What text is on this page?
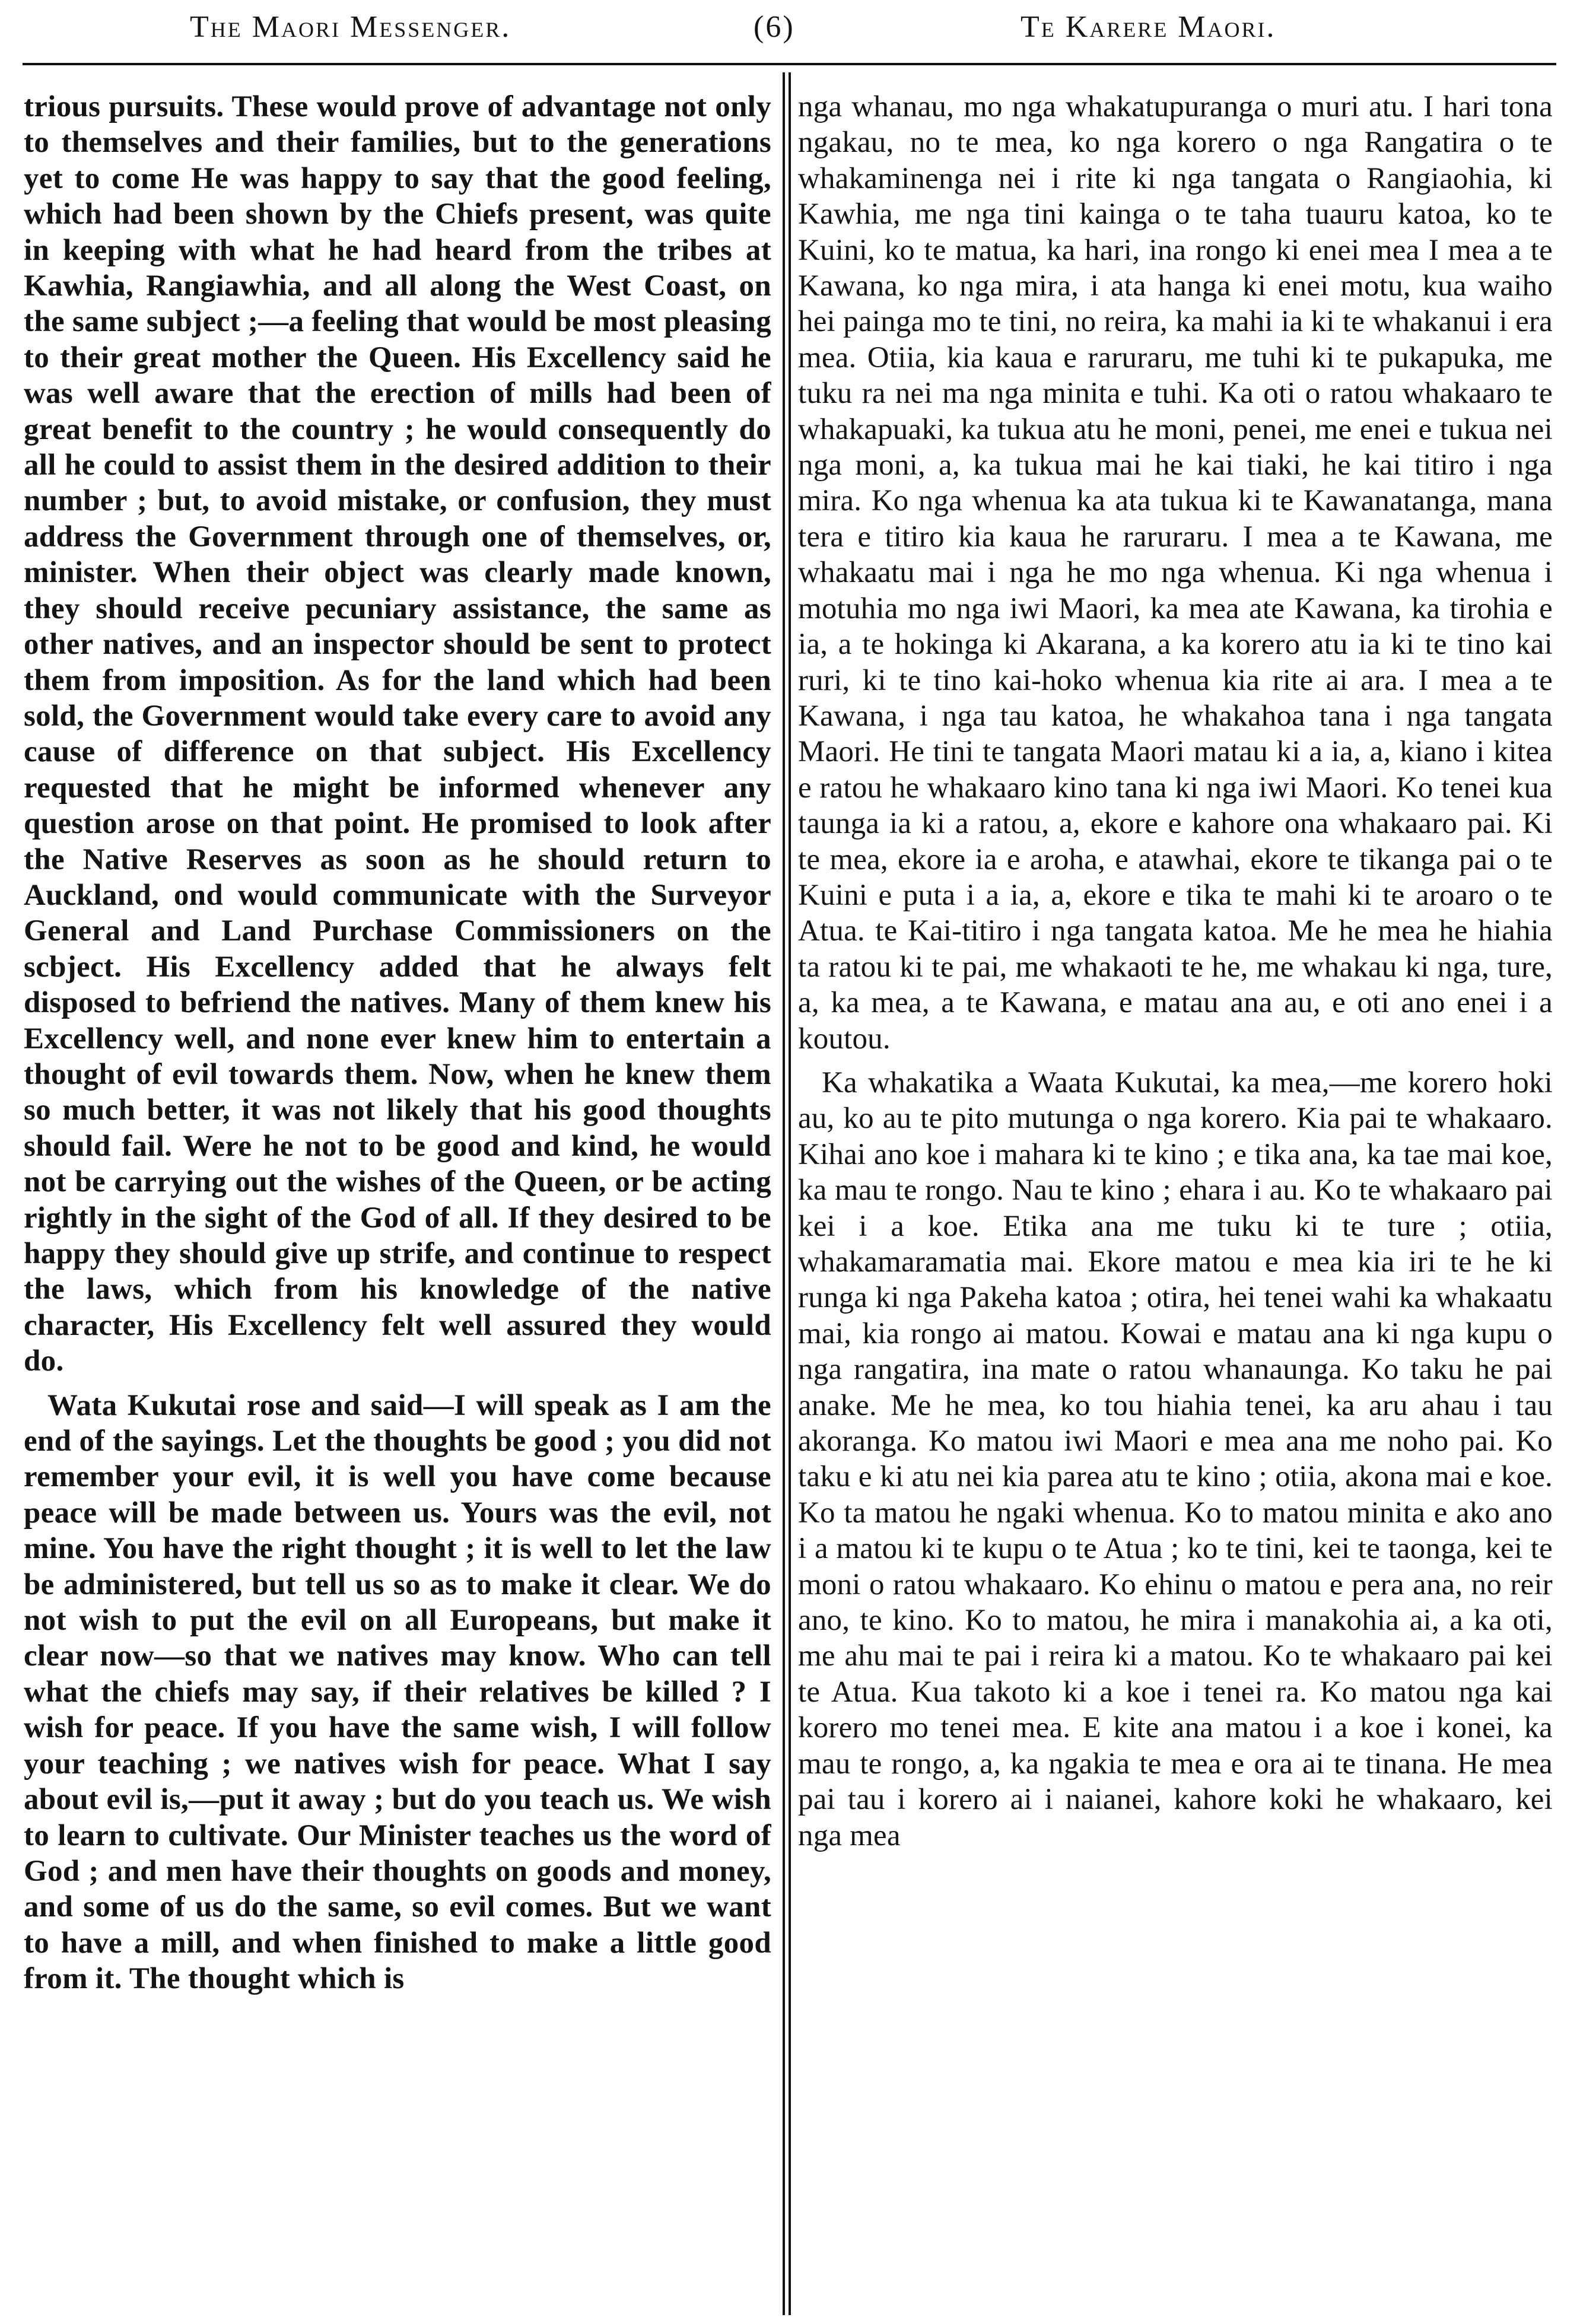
The Maori Messenger.	(6)	Te Karere Maori.

trious pursuits. These would prove of advantage not only to themselves and their families, but to the generations yet to come He was happy to say that the good feeling, which had been shown by the Chiefs present, was quite in keeping with what he had heard from the tribes at Kawhia, Rangiawhia, and all along the West Coast, on the same subject ;—a feeling that would be most pleasing to their great mother the Queen. His Excellency said he was well aware that the erection of mills had been of great benefit to the country ; he would consequently do all he could to assist them in the desired addition to their number ; but, to avoid mistake, or confusion, they must address the Government through one of themselves, or, minister. When their object was clearly made known, they should receive pecuniary assistance, the same as other natives, and an inspector should be sent to protect them from imposition. As for the land which had been sold, the Government would take every care to avoid any cause of difference on that subject. His Excellency requested that he might be informed whenever any question arose on that point. He promised to look after the Native Reserves as soon as he should return to Auckland, ond would communicate with the Surveyor General and Land Purchase Commissioners on the scbject. His Excellency added that he always felt disposed to befriend the natives. Many of them knew his Excellency well, and none ever knew him to entertain a thought of evil towards them. Now, when he knew them so much better, it was not likely that his good thoughts should fail. Were he not to be good and kind, he would not be carrying out the wishes of the Queen, or be acting rightly in the sight of the God of all. If they desired to be happy they should give up strife, and continue to respect the laws, which from his knowledge of the native character, His Excellency felt well assured they would do.

Wata Kukutai rose and said—I will speak as I am the end of the sayings. Let the thoughts be good ; you did not remember your evil, it is well you have come because peace will be made between us. Yours was the evil, not mine. You have the right thought ; it is well to let the law be administered, but tell us so as to make it clear. We do not wish to put the evil on all Europeans, but make it clear now—so that we natives may know. Who can tell what the chiefs may say, if their relatives be killed ? I wish for peace. If you have the same wish, I will follow your teaching ; we natives wish for peace. What I say about evil is,—put it away ; but do you teach us. We wish to learn to cultivate. Our Minister teaches us the word of God ; and men have their thoughts on goods and money, and some of us do the same, so evil comes. But we want to have a mill, and when finished to make a little good from it. The thought which is

nga whanau, mo nga whakatupuranga o muri atu. I hari tona ngakau, no te mea, ko nga korero o nga Rangatira o te whakaminenga nei i rite ki nga tangata o Rangiaohia, ki Kawhia, me nga tini kainga o te taha tuauru katoa, ko te Kuini, ko te matua, ka hari, ina rongo ki enei mea I mea a te Kawana, ko nga mira, i ata hanga ki enei motu, kua waiho hei painga mo te tini, no reira, ka mahi ia ki te whakanui i era mea. Otiia, kia kaua e raruraru, me tuhi ki te pukapuka, me tuku ra nei ma nga minita e tuhi. Ka oti o ratou whakaaro te whakapuaki, ka tukua atu he moni, penei, me enei e tukua nei nga moni, a, ka tukua mai he kai tiaki, he kai titiro i nga mira. Ko nga whenua ka ata tukua ki te Kawanatanga, mana tera e titiro kia kaua he raruraru. I mea a te Kawana, me whakaatu mai i nga he mo nga whenua. Ki nga whenua i motuhia mo nga iwi Maori, ka mea ate Kawana, ka tirohia e ia, a te hokinga ki Akarana, a ka korero atu ia ki te tino kai ruri, ki te tino kai-hoko whenua kia rite ai ara. I mea a te Kawana, i nga tau katoa, he whakahoa tana i nga tangata Maori. He tini te tangata Maori matau ki a ia, a, kiano i kitea e ratou he whakaaro kino tana ki nga iwi Maori. Ko tenei kua taunga ia ki a ratou, a, ekore e kahore ona whakaaro pai. Ki te mea, ekore ia e aroha, e atawhai, ekore te tikanga pai o te Kuini e puta i a ia, a, ekore e tika te mahi ki te aroaro o te Atua. te Kai-titiro i nga tangata katoa. Me he mea he hiahia ta ratou ki te pai, me whakaoti te he, me whakau ki nga, ture, a, ka mea, a te Kawana, e matau ana au, e oti ano enei i a koutou.

Ka whakatika a Waata Kukutai, ka mea,—me korero hoki au, ko au te pito mutunga o nga korero. Kia pai te whakaaro. Kihai ano koe i mahara ki te kino ; e tika ana, ka tae mai koe, ka mau te rongo. Nau te kino ; ehara i au. Ko te whakaaro pai kei i a koe. Etika ana me tuku ki te ture ; otiia, whakamaramatia mai. Ekore matou e mea kia iri te he ki runga ki nga Pakeha katoa ; otira, hei tenei wahi ka whakaatu mai, kia rongo ai matou. Kowai e matau ana ki nga kupu o nga rangatira, ina mate o ratou whanaunga. Ko taku he pai anake. Me he mea, ko tou hiahia tenei, ka aru ahau i tau akoranga. Ko matou iwi Maori e mea ana me noho pai. Ko taku e ki atu nei kia parea atu te kino ; otiia, akona mai e koe. Ko ta matou he ngaki whenua. Ko to matou minita e ako ano i a matou ki te kupu o te Atua ; ko te tini, kei te taonga, kei te moni o ratou whakaaro. Ko ehinu o matou e pera ana, no reir ano, te kino. Ko to matou, he mira i manakohia ai, a ka oti, me ahu mai te pai i reira ki a matou. Ko te whakaaro pai kei te Atua. Kua takoto ki a koe i tenei ra. Ko matou nga kai korero mo tenei mea. E kite ana matou i a koe i konei, ka mau te rongo, a, ka ngakia te mea e ora ai te tinana. He mea pai tau i korero ai i naianei, kahore koki he whakaaro, kei nga mea
